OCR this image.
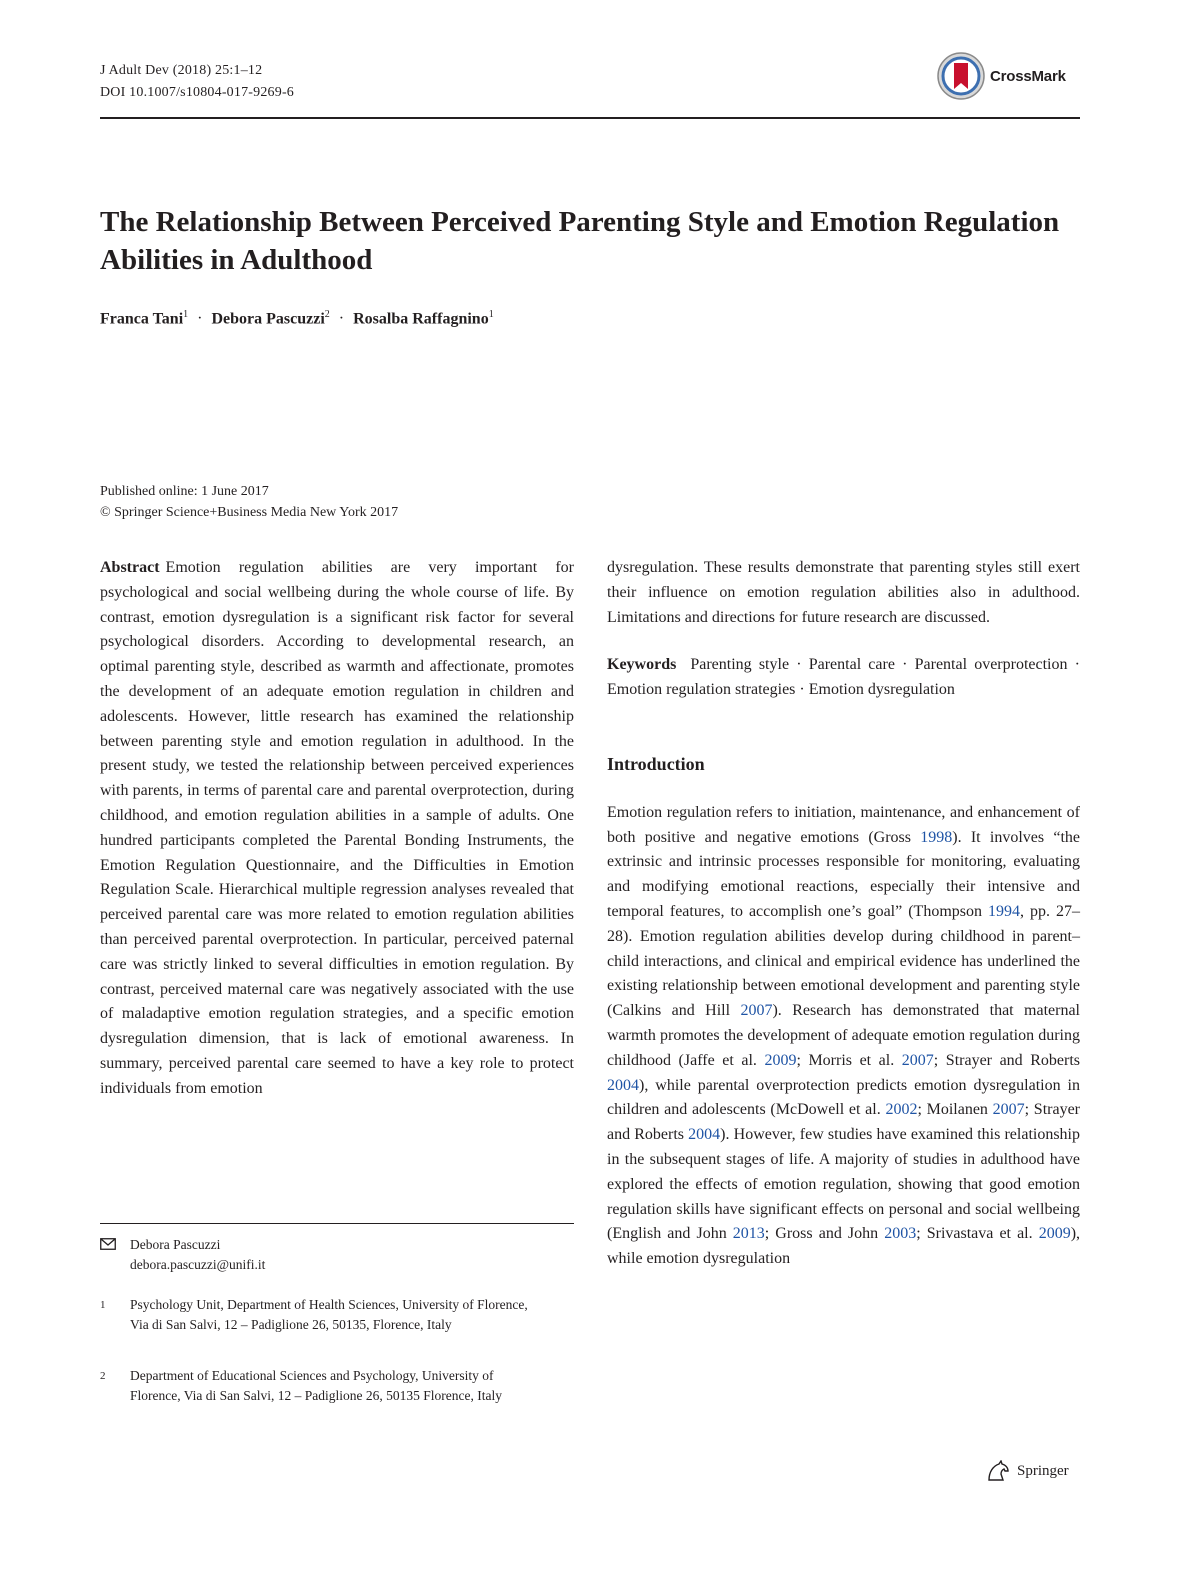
J Adult Dev (2018) 25:1–12
DOI 10.1007/s10804-017-9269-6
CrossMark
The Relationship Between Perceived Parenting Style and Emotion Regulation Abilities in Adulthood
Franca Tani$^1$ · Debora Pascuzzi$^2$ · Rosalba Raffagnino$^1$
Published online: 1 June 2017
© Springer Science+Business Media New York 2017

Abstract Emotion regulation abilities are very important for psychological and social wellbeing during the whole course of life. By contrast, emotion dysregulation is a significant risk factor for several psychological disorders. According to developmental research, an optimal parenting style, described as warmth and affectionate, promotes the development of an adequate emotion regulation in children and adolescents. However, little research has examined the relationship between parenting style and emotion regulation in adulthood. In the present study, we tested the relationship between perceived experiences with parents, in terms of parental care and parental overprotection, during childhood, and emotion regulation abilities in a sample of adults. One hundred participants completed the Parental Bonding Instruments, the Emotion Regulation Questionnaire, and the Difficulties in Emotion Regulation Scale. Hierarchical multiple regression analyses revealed that perceived parental care was more related to emotion regulation abilities than perceived parental overprotection. In particular, perceived paternal care was strictly linked to several difficulties in emotion regulation. By contrast, perceived maternal care was negatively associated with the use of maladaptive emotion regulation strategies, and a specific emotion dysregulation dimension, that is lack of emotional awareness. In summary, perceived parental care seemed to have a key role to protect individuals from emotion

Debora Pascuzzi
debora.pascuzzi@unifi.it
1 Psychology Unit, Department of Health Sciences, University of Florence, Via di San Salvi, 12 – Padiglione 26, 50135, Florence, Italy
2 Department of Educational Sciences and Psychology, University of Florence, Via di San Salvi, 12 – Padiglione 26, 50135 Florence, Italy

dysregulation. These results demonstrate that parenting styles still exert their influence on emotion regulation abilities also in adulthood. Limitations and directions for future research are discussed.

Keywords Parenting style · Parental care · Parental overprotection · Emotion regulation strategies · Emotion dysregulation

Introduction

Emotion regulation refers to initiation, maintenance, and enhancement of both positive and negative emotions (Gross 1998). It involves “the extrinsic and intrinsic processes responsible for monitoring, evaluating and modifying emotional reactions, especially their intensive and temporal features, to accomplish one’s goal” (Thompson 1994, pp. 27–28). Emotion regulation abilities develop during childhood in parent–child interactions, and clinical and empirical evidence has underlined the existing relationship between emotional development and parenting style (Calkins and Hill 2007). Research has demonstrated that maternal warmth promotes the development of adequate emotion regulation during childhood (Jaffe et al. 2009; Morris et al. 2007; Strayer and Roberts 2004), while parental overprotection predicts emotion dysregulation in children and adolescents (McDowell et al. 2002; Moilanen 2007; Strayer and Roberts 2004). However, few studies have examined this relationship in the subsequent stages of life. A majority of studies in adulthood have explored the effects of emotion regulation, showing that good emotion regulation skills have significant effects on personal and social wellbeing (English and John 2013; Gross and John 2003; Srivastava et al. 2009), while emotion dysregulation

Springer
